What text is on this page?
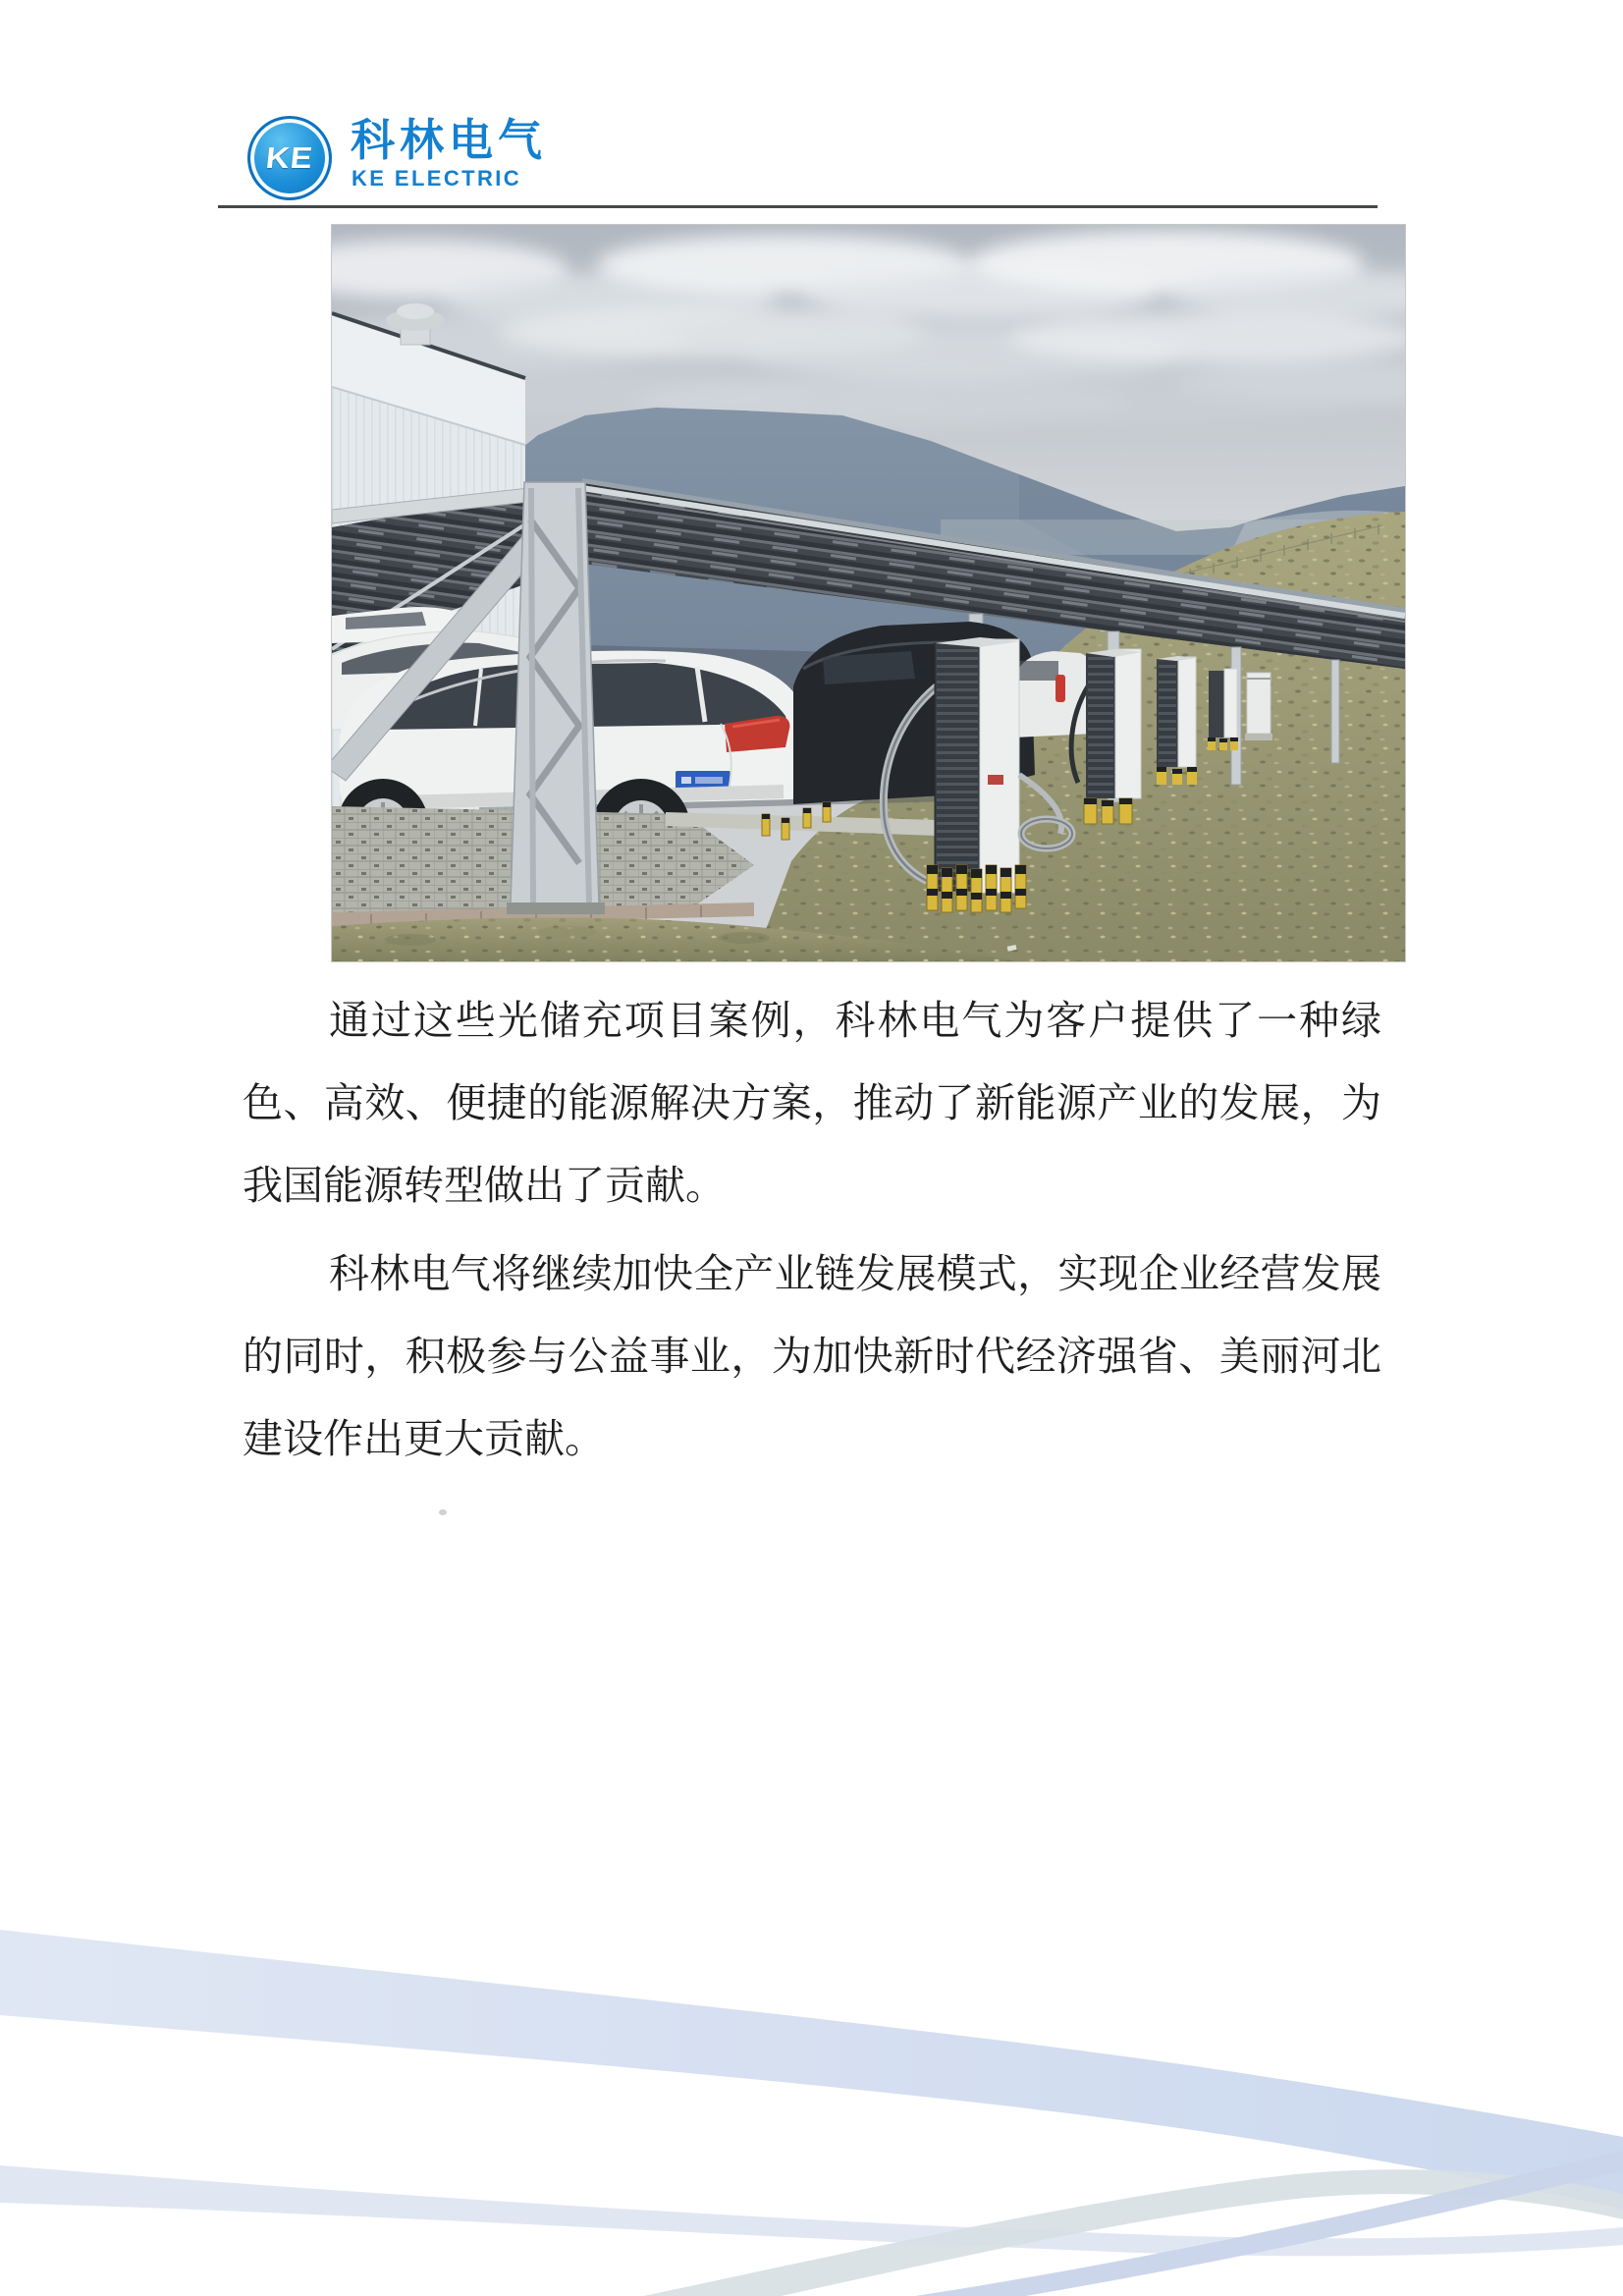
KE 科林电气
KE ELECTRIC

通过这些光储充项目案例，科林电气为客户提供了一种绿
色、高效、便捷的能源解决方案，推动了新能源产业的发展，为
我国能源转型做出了贡献。

科林电气将继续加快全产业链发展模式，实现企业经营发展
的同时，积极参与公益事业，为加快新时代经济强省、美丽河北
建设作出更大贡献。
